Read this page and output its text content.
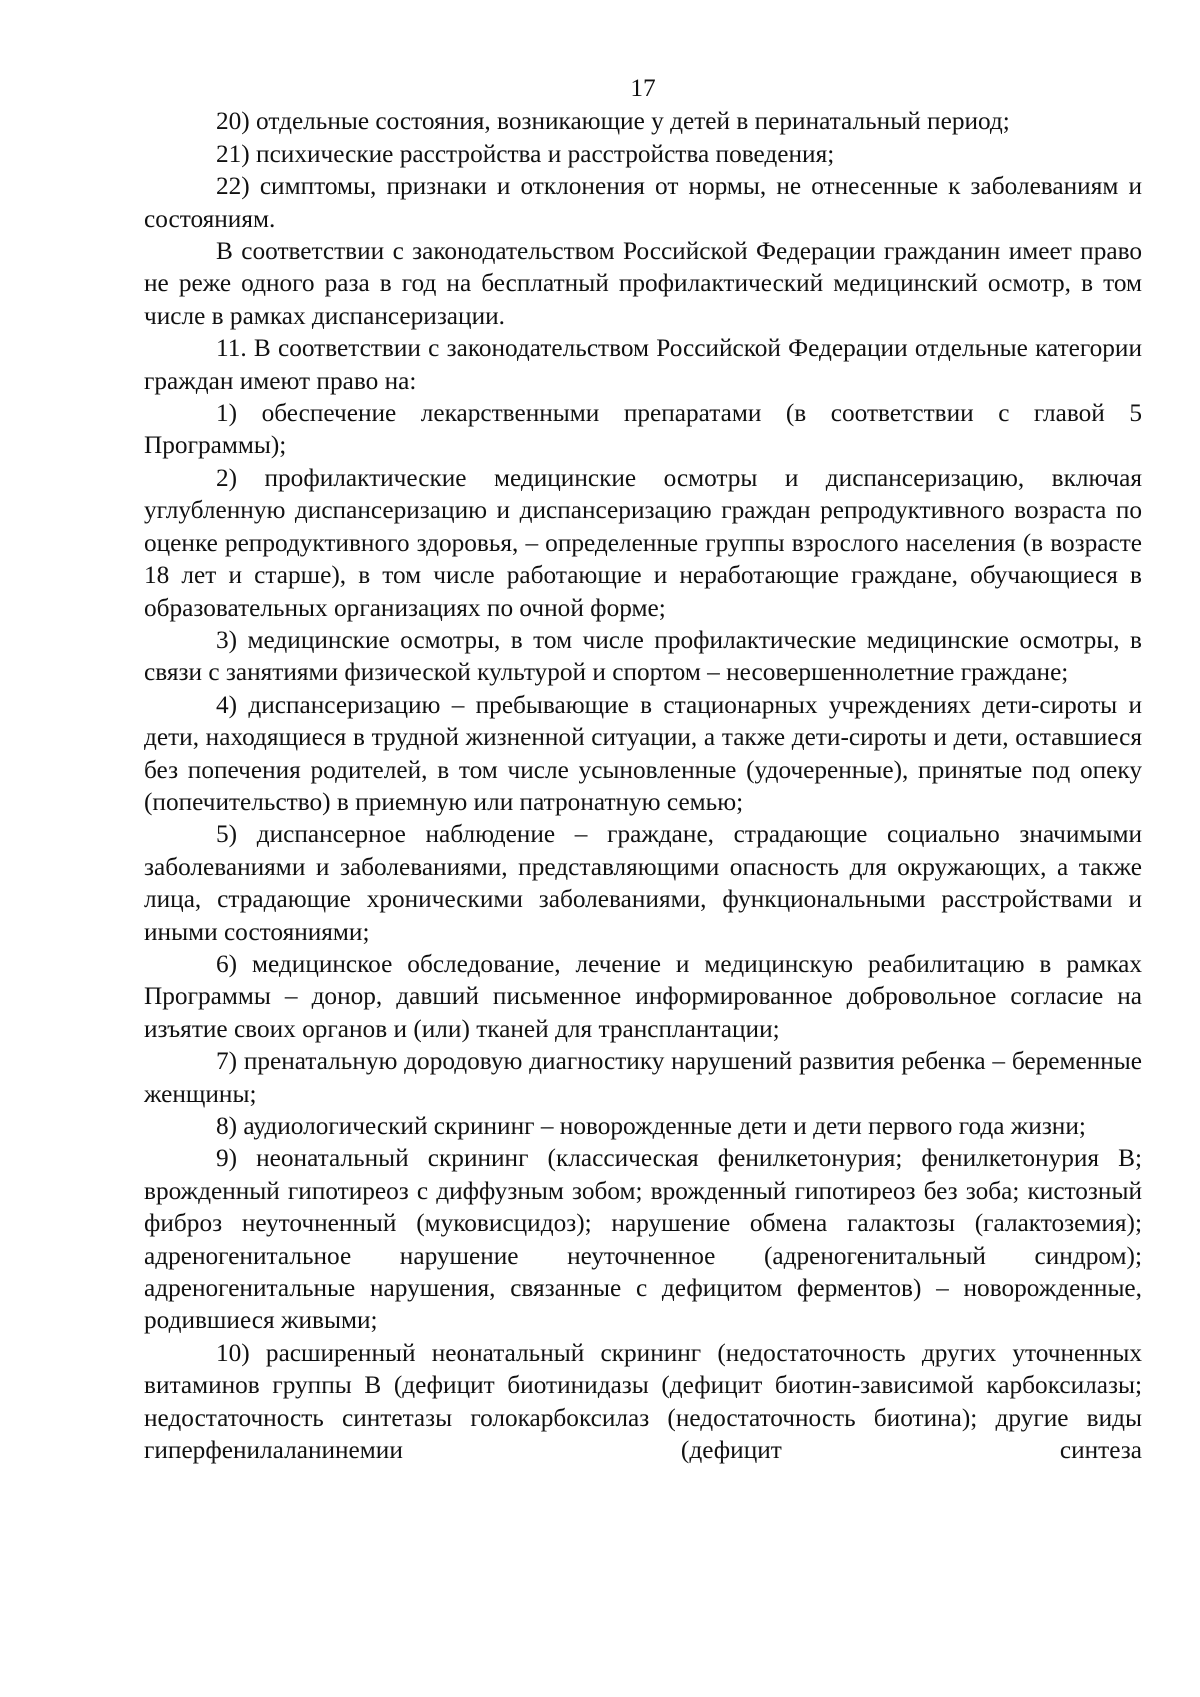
17

20) отдельные состояния, возникающие у детей в перинатальный период;

21) психические расстройства и расстройства поведения;

22) симптомы, признаки и отклонения от нормы, не отнесенные к заболеваниям и состояниям.

В соответствии с законодательством Российской Федерации гражданин имеет право не реже одного раза в год на бесплатный профилактический медицинский осмотр, в том числе в рамках диспансеризации.

11. В соответствии с законодательством Российской Федерации отдельные категории граждан имеют право на:

1) обеспечение лекарственными препаратами (в соответствии с главой 5 Программы);

2) профилактические медицинские осмотры и диспансеризацию, включая углубленную диспансеризацию и диспансеризацию граждан репродуктивного возраста по оценке репродуктивного здоровья, – определенные группы взрослого населения (в возрасте 18 лет и старше), в том числе работающие и неработающие граждане, обучающиеся в образовательных организациях по очной форме;

3) медицинские осмотры, в том числе профилактические медицинские осмотры, в связи с занятиями физической культурой и спортом – несовершеннолетние граждане;

4) диспансеризацию – пребывающие в стационарных учреждениях дети-сироты и дети, находящиеся в трудной жизненной ситуации, а также дети-сироты и дети, оставшиеся без попечения родителей, в том числе усыновленные (удочеренные), принятые под опеку (попечительство) в приемную или патронатную семью;

5) диспансерное наблюдение – граждане, страдающие социально значимыми заболеваниями и заболеваниями, представляющими опасность для окружающих, а также лица, страдающие хроническими заболеваниями, функциональными расстройствами и иными состояниями;

6) медицинское обследование, лечение и медицинскую реабилитацию в рамках Программы – донор, давший письменное информированное добровольное согласие на изъятие своих органов и (или) тканей для трансплантации;

7) пренатальную дородовую диагностику нарушений развития ребенка – беременные женщины;

8) аудиологический скрининг – новорожденные дети и дети первого года жизни;

9) неонатальный скрининг (классическая фенилкетонурия; фенилкетонурия B; врожденный гипотиреоз с диффузным зобом; врожденный гипотиреоз без зоба; кистозный фиброз неуточненный (муковисцидоз); нарушение обмена галактозы (галактоземия); адреногенитальное нарушение неуточненное (адреногенитальный синдром); адреногенитальные нарушения, связанные с дефицитом ферментов) – новорожденные, родившиеся живыми;

10) расширенный неонатальный скрининг (недостаточность других уточненных витаминов группы B (дефицит биотинидазы (дефицит биотин-зависимой карбоксилазы; недостаточность синтетазы голокарбоксилаз (недостаточность биотина); другие виды гиперфенилаланинемии (дефицит синтеза
